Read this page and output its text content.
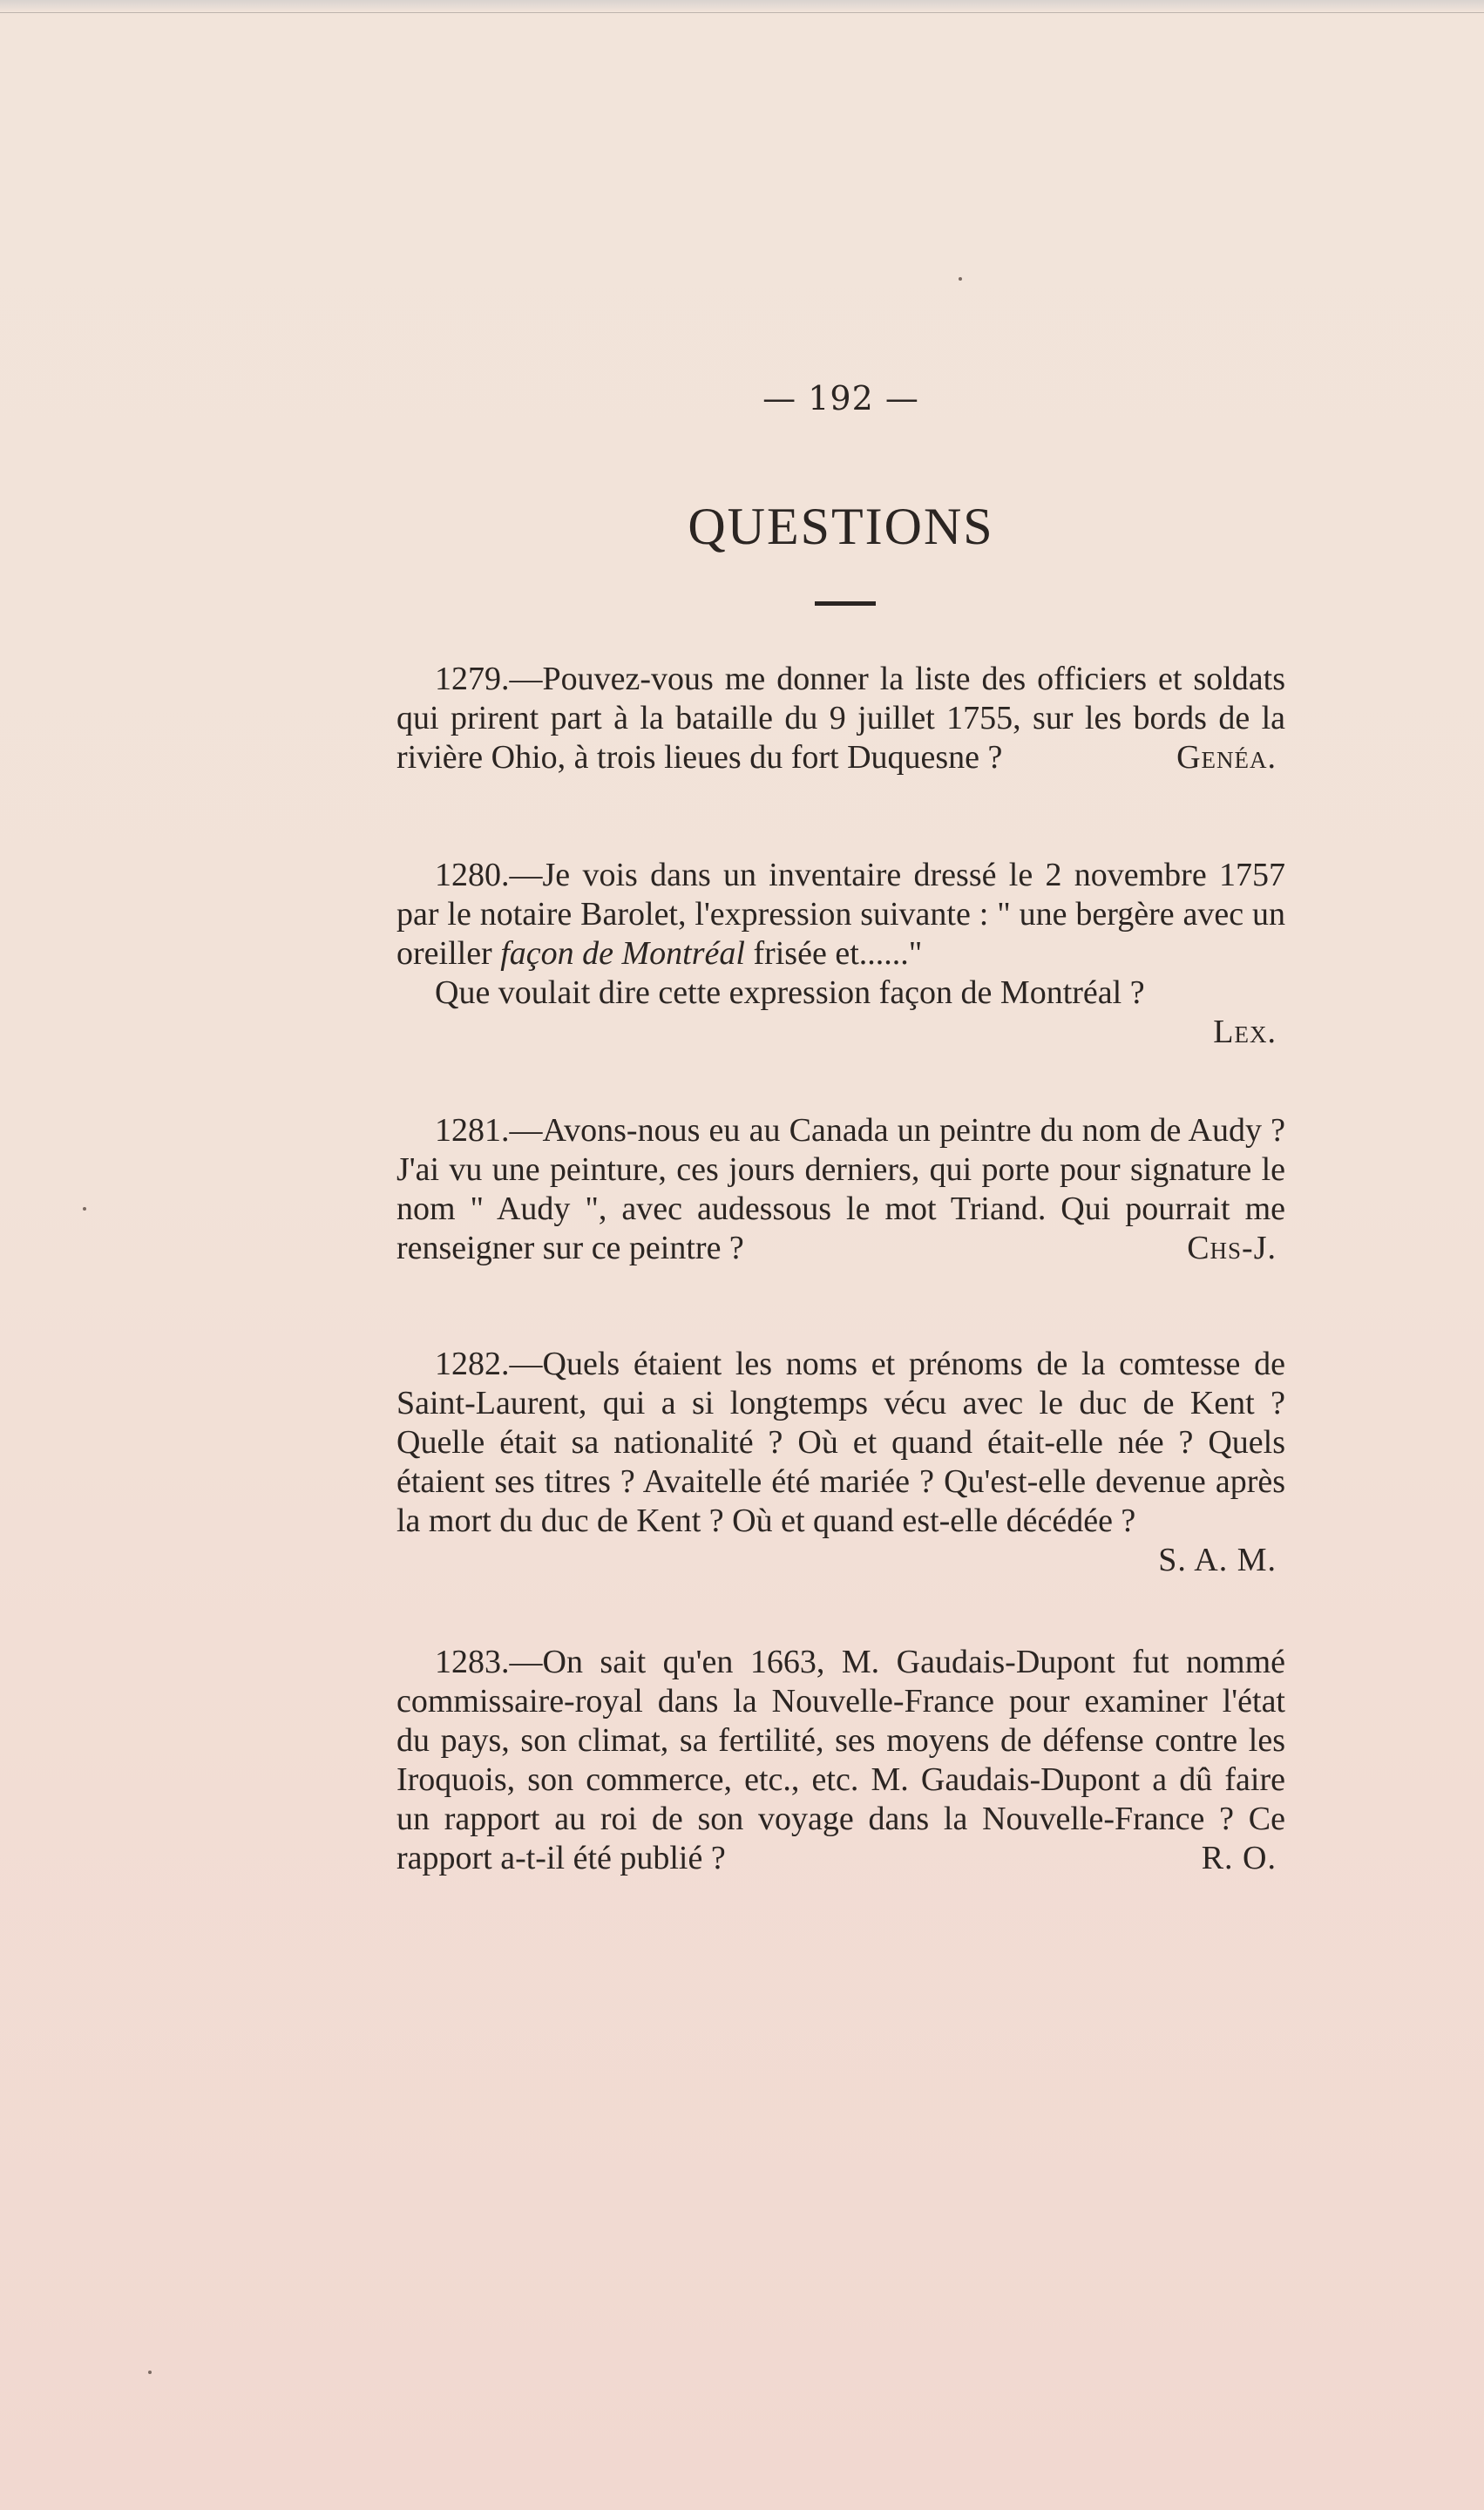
— 192 —
QUESTIONS

1279.—Pouvez-vous me donner la liste des officiers et soldats qui prirent part à la bataille du 9 juillet 1755, sur les bords de la rivière Ohio, à trois lieues du fort Duquesne ?	Genéa.

1280.—Je vois dans un inventaire dressé le 2 novembre 1757 par le notaire Barolet, l'expression suivante : " une bergère avec un oreiller façon de Montréal frisée et......"

Que voulait dire cette expression façon de Montréal ?

Lex.

1281.—Avons-nous eu au Canada un peintre du nom de Audy ? J'ai vu une peinture, ces jours derniers, qui porte pour signature le nom " Audy ", avec audessous le mot Triand. Qui pourrait me renseigner sur ce peintre ?	Chs-J.

1282.—Quels étaient les noms et prénoms de la comtesse de Saint-Laurent, qui a si longtemps vécu avec le duc de Kent ? Quelle était sa nationalité ? Où et quand était-elle née ? Quels étaient ses titres ? Avaitelle été mariée ? Qu'est-elle devenue après la mort du duc de Kent ? Où et quand est-elle décédée ?

S. A. M.

1283.—On sait qu'en 1663, M. Gaudais-Dupont fut nommé commissaire-royal dans la Nouvelle-France pour examiner l'état du pays, son climat, sa fertilité, ses moyens de défense contre les Iroquois, son commerce, etc., etc. M. Gaudais-Dupont a dû faire un rapport au roi de son voyage dans la Nouvelle-France ? Ce rapport a-t-il été publié ?	R. O.
